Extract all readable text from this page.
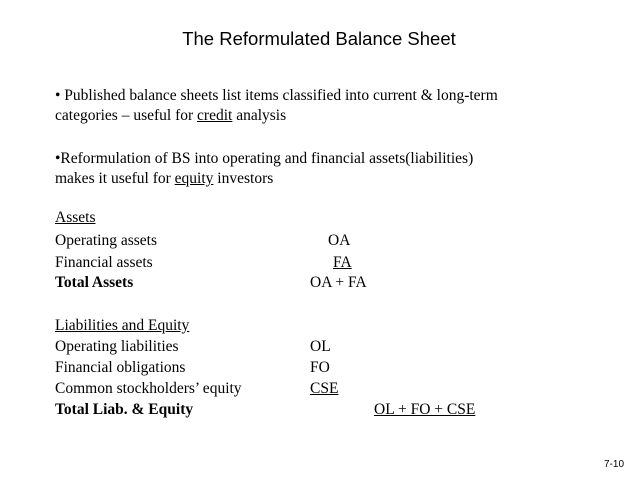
The Reformulated Balance Sheet
• Published balance sheets list items classified into current & long-term
categories – useful for credit analysis
•Reformulation of BS into operating and financial assets(liabilities)
makes it useful for equity investors
Assets
Operating assets	OA
Financial assets	FA
Total Assets	OA + FA
Liabilities and Equity
Operating liabilities	OL
Financial obligations	FO
Common stockholders’ equity	CSE
Total Liab. & Equity	OL + FO + CSE
7-10
